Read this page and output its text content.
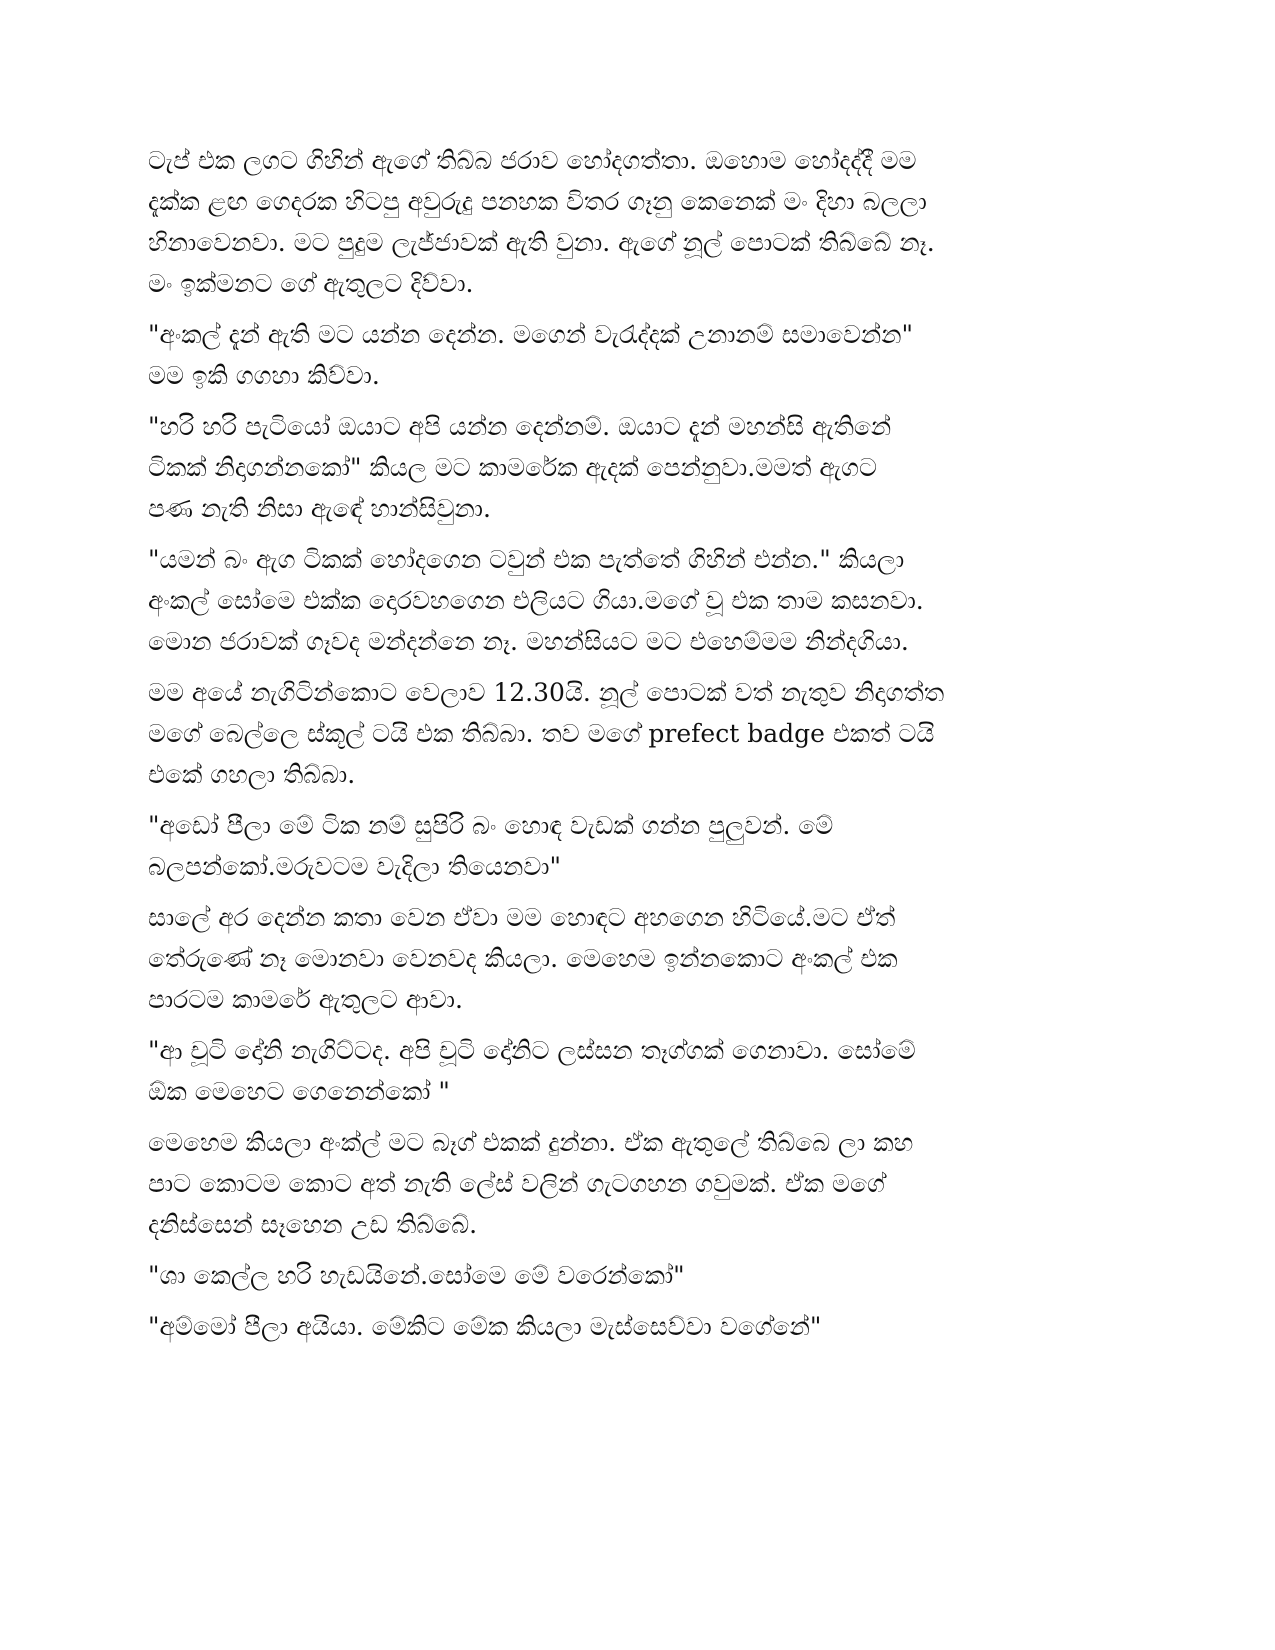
ටැප් එක ලගට ගිහින් ඇගේ තිබ්බ ජරාව හෝදගත්තා. ඔහොම හෝදද්දී මම
දැක්ක ළඟ ගෙදරක හිටපු අවුරුදු පනහක විතර ගෑනු කෙනෙක් මං දිහා බලලා
හිනාවෙනවා. මට පුදුම ලැජ්ජාවක් ඇති වුනා. ඇගේ නූල් පොටක් තිබ්බේ නෑ.
මං ඉක්මනට ගේ ඇතුලට දිව්වා.

"අංකල් දැන් ඇති මට යන්න දෙන්න. මගෙන් වැරැද්දක් උනානම් සමාවෙන්න"
මම ඉකි ගගහා කිව්වා.

"හරි හරි පැටියෝ ඔයාට අපි යන්න දෙන්නම්. ඔයාට දැන් මහන්සි ඇතිනේ
ටිකක් නිදාගන්නකෝ" කියල මට කාමරේක ඇදක් පෙන්නුවා.මමත් ඇගට
පණ නැති නිසා ඇඳේ හාන්සිවුනා.

"යමන් බං ඇග ටිකක් හෝදගෙන ටවුන් එක පැත්තේ ගිහින් එන්න." කියලා
අංකල් සෝමෙ එක්ක දොරවහගෙන එලියට ගියා.මගේ වූ එක තාම කසනවා.
මොන ජරාවක් ගෑවද මන්දන්නෙ නෑ. මහන්සියට මට එහෙම්මම නින්දගියා.

මම අයේ නැගිටින්කොට වෙලාව 12.30යි. නූල් පොටක් වත් නැතුව නිදාගත්ත
මගේ බෙල්ලෙ ස්කූල් ටයි එක තිබ්බා. තව මගේ prefect badge එකත් ටයි
එකේ ගහලා තිබ්බා.

"අඩෝ පීලා මේ ටික නම් සුපිරි බං හොඳ වැඩක් ගන්න පුලුවන්. මේ
බලපන්කෝ.මරුවටම වැදිලා තියෙනවා"

සාලේ අර දෙන්න කතා වෙන ඒවා මම හොඳට අහගෙන හිටියේ.මට ඒත්
තේරුණේ නෑ මොනවා වෙනවද කියලා. මෙහෙම ඉන්නකොට අංකල් එක
පාරටම කාමරේ ඇතුලට ආවා.

"ආ චූටි දෝනි නැගිට්ටද. අපි චූටි දෝනිට ලස්සන තෑග්ගක් ගෙනාවා. සෝමේ
ඕක මෙහෙට ගෙනෙන්කෝ "

මෙහෙම කියලා අංක්ල් මට බෑග් එකක් දුන්නා. ඒක ඇතුලේ තිබ්බෙ ලා කහ
පාට කොටම කොට අත් නැති ලේස් වලින් ගැටගහන ගවුමක්. ඒක මගේ
දනිස්සෙන් සෑහෙන උඩ තිබ්බේ.

"ශා කෙල්ල හරි හැඩයිනේ.සෝමෙ මේ වරෙන්කෝ"

"අම්මෝ පීලා අයියා. මේකිට මේක කියලා මැස්සෙව්වා වගේනේ"
